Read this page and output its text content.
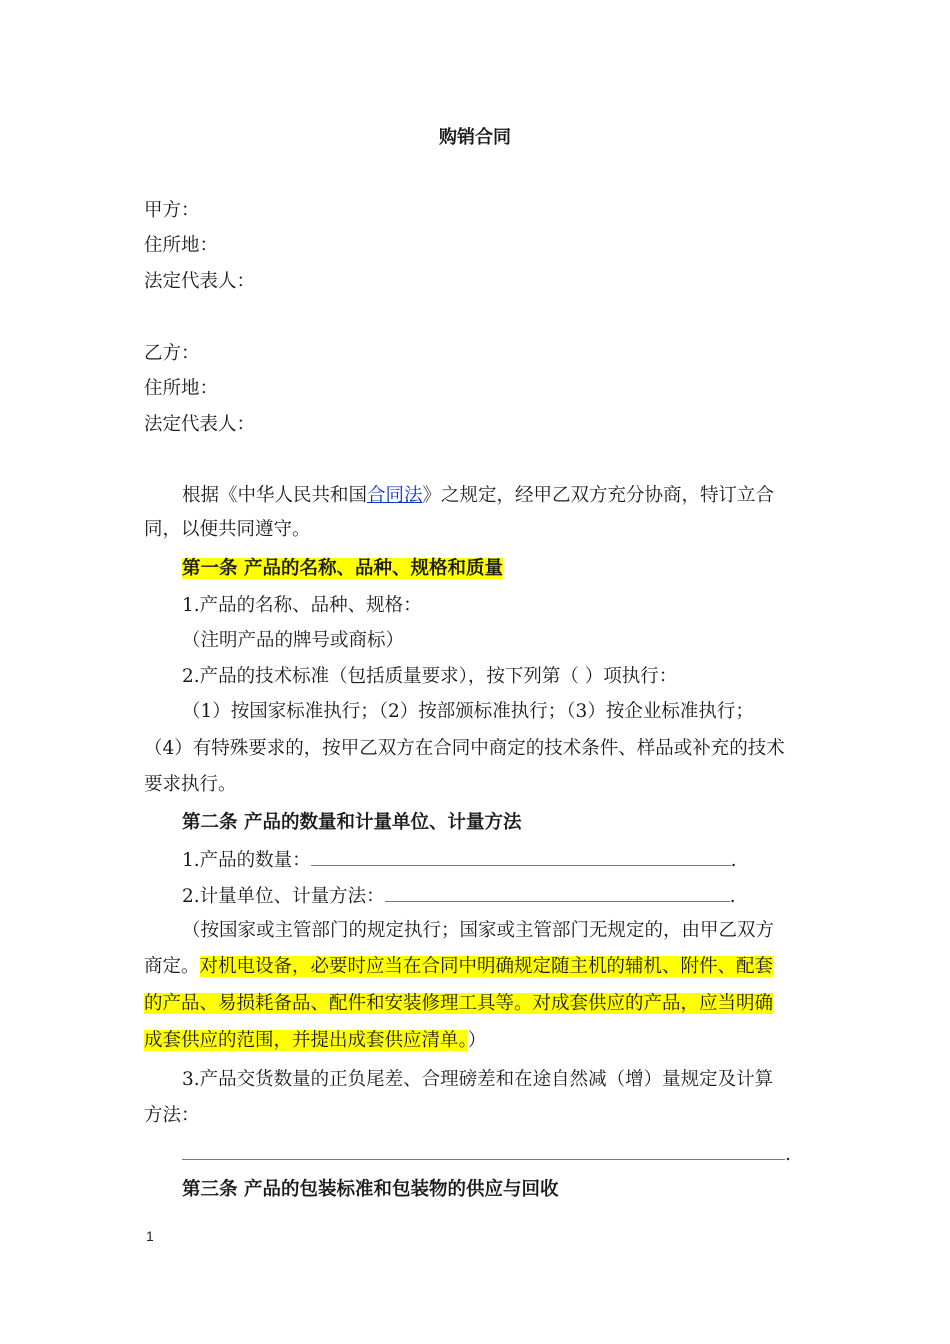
购销合同
甲方：
住所地：
法定代表人：
乙方：
住所地：
法定代表人：
根据《中华人民共和国合同法》之规定，经甲乙双方充分协商，特订立合
同，以便共同遵守。
第一条 产品的名称、品种、规格和质量
1.产品的名称、品种、规格：
（注明产品的牌号或商标）
2.产品的技术标准（包括质量要求），按下列第（ ）项执行：
（1）按国家标准执行；（2）按部颁标准执行；（3）按企业标准执行；
（4）有特殊要求的，按甲乙双方在合同中商定的技术条件、样品或补充的技术
要求执行。
第二条 产品的数量和计量单位、计量方法
1.产品的数量：	.
2.计量单位、计量方法：	.
（按国家或主管部门的规定执行；国家或主管部门无规定的，由甲乙双方
商定。对机电设备，必要时应当在合同中明确规定随主机的辅机、附件、配套
的产品、易损耗备品、配件和安装修理工具等。对成套供应的产品，应当明确
成套供应的范围，并提出成套供应清单。）
3.产品交货数量的正负尾差、合理磅差和在途自然减（增）量规定及计算
方法：
.
第三条 产品的包装标准和包装物的供应与回收
1
